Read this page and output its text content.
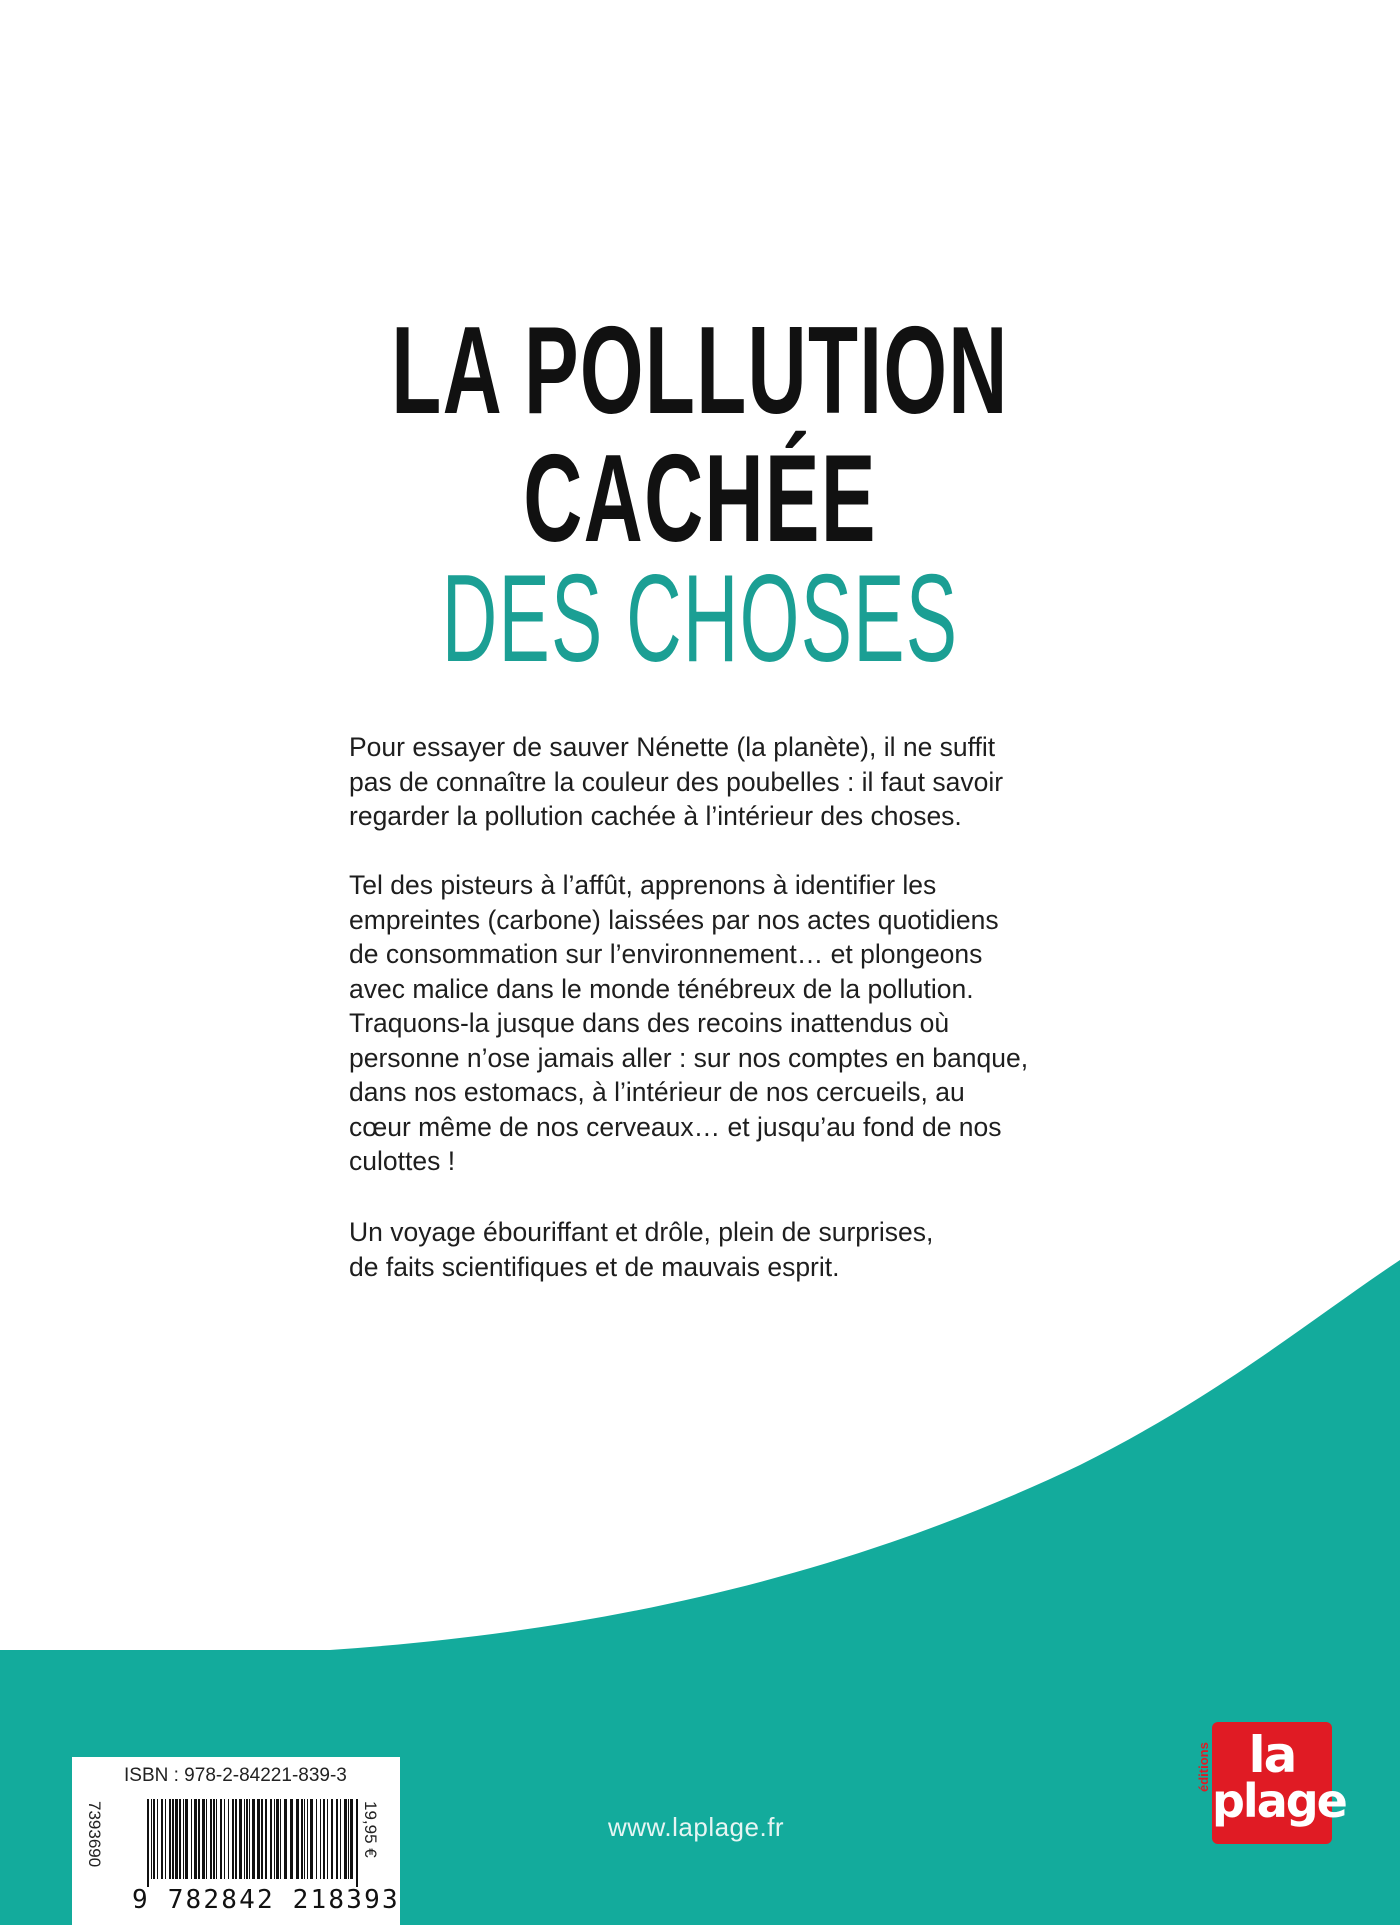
LA POLLUTION
CACHÉE
DES CHOSES

Pour essayer de sauver Nénette (la planète), il ne suffit

pas de connaître la couleur des poubelles : il faut savoir

regarder la pollution cachée à l’intérieur des choses.

Tel des pisteurs à l’affût, apprenons à identifier les

empreintes (carbone) laissées par nos actes quotidiens

de consommation sur l’environnement… et plongeons

avec malice dans le monde ténébreux de la pollution.

Traquons-la jusque dans des recoins inattendus où

personne n’ose jamais aller : sur nos comptes en banque,

dans nos estomacs, à l’intérieur de nos cercueils, au

cœur même de nos cerveaux… et jusqu’au fond de nos

culottes !

Un voyage ébouriffant et drôle, plein de surprises,

de faits scientifiques et de mauvais esprit.

ISBN : 978-2-84221-839-3
9 782842 218393
7393690	19,95 €	www.laplage.fr
éditions la
plage
